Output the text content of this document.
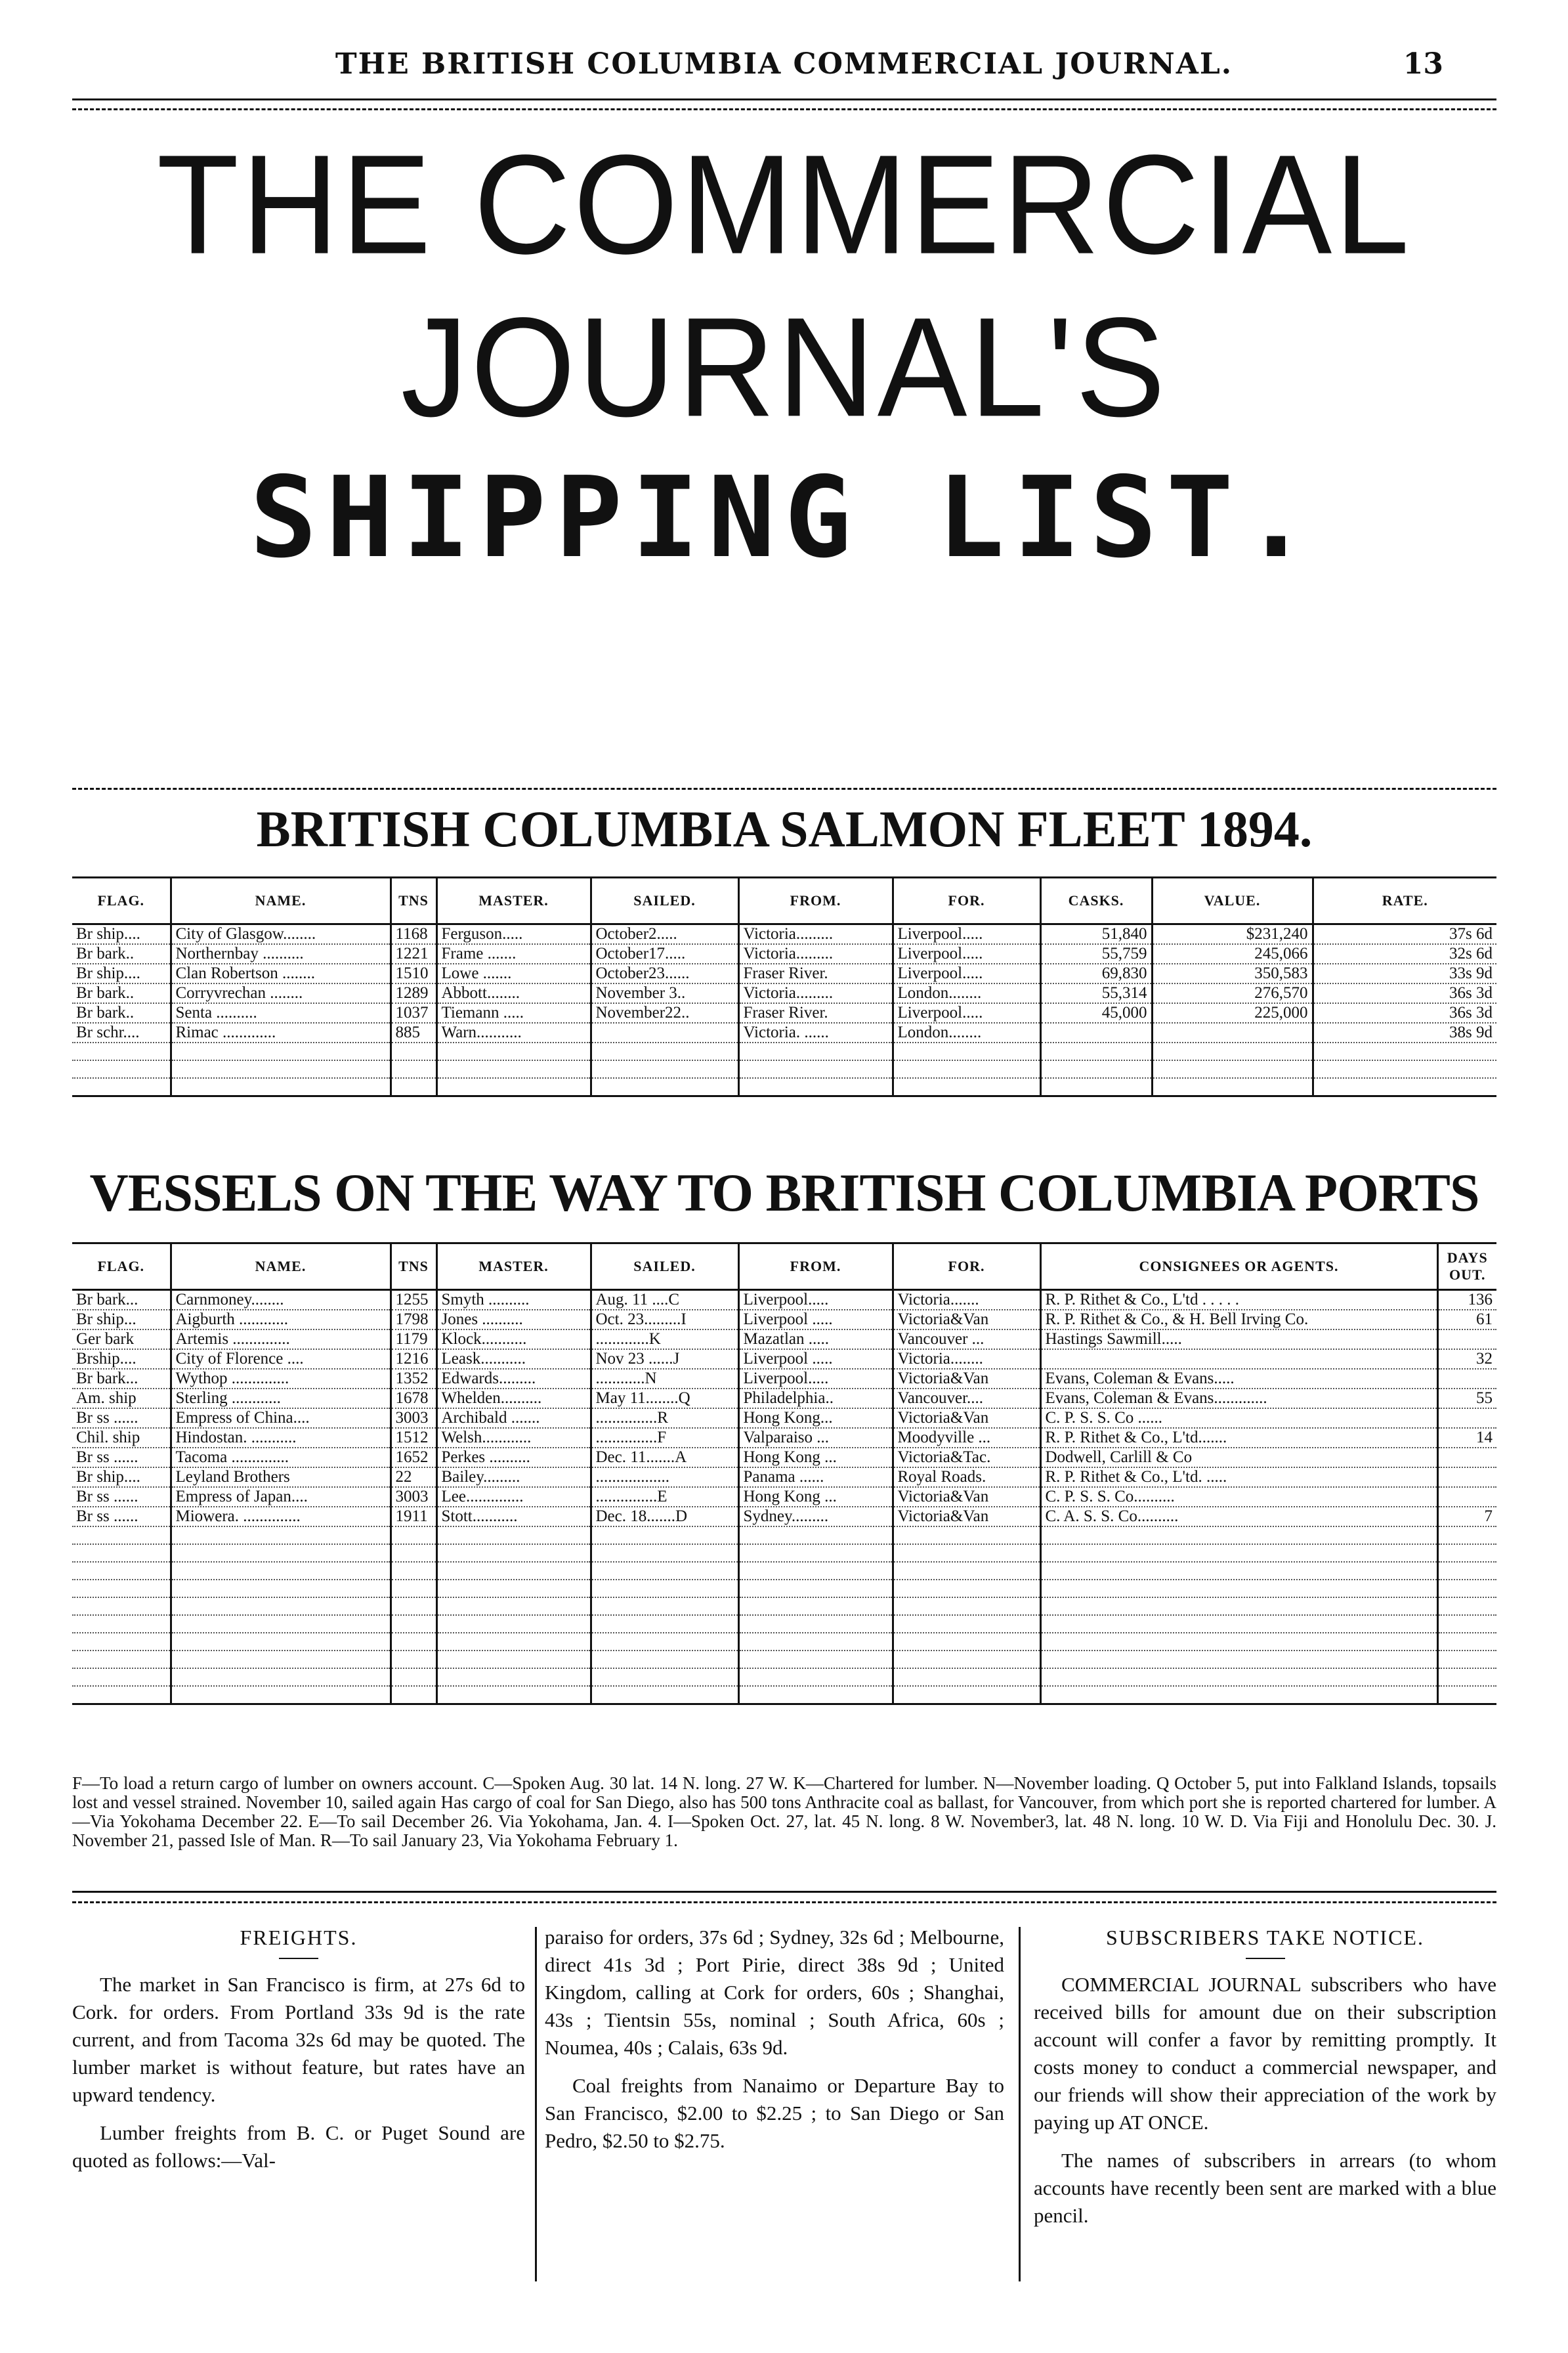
THE BRITISH COLUMBIA COMMERCIAL JOURNAL.	13
THE COMMERCIAL JOURNAL'S
SHIPPING LIST.
BRITISH COLUMBIA SALMON FLEET 1894.
FLAG.	NAME.	TNS	MASTER.	SAILED.	FROM.	FOR.	CASKS.	VALUE.	RATE.
Br ship....	City of Glasgow........	1168	Ferguson.....	October2.....	Victoria.........	Liverpool.....	51,840	$231,240	37s 6d
Br bark..	Northernbay ..........	1221	Frame .......	October17.....	Victoria.........	Liverpool.....	55,759	245,066	32s 6d
Br ship....	Clan Robertson ........	1510	Lowe .......	October23......	Fraser River.	Liverpool.....	69,830	350,583	33s 9d
Br bark..	Corryvrechan ........	1289	Abbott........	November 3..	Victoria.........	London........	55,314	276,570	36s 3d
Br bark..	Senta ..........	1037	Tiemann .....	November22..	Fraser River.	Liverpool.....	45,000	225,000	36s 3d
Br schr....	Rimac .............	885	Warn...........		Victoria. ......	London........			38s 9d

VESSELS ON THE WAY TO BRITISH COLUMBIA PORTS
FLAG.	NAME.	TNS	MASTER.	SAILED.	FROM.	FOR.	CONSIGNEES OR AGENTS.	DAYS OUT.
Br bark...	Carnmoney........	1255	Smyth ..........	Aug. 11 ....C	Liverpool.....	Victoria.......	R. P. Rithet & Co., L'td . . . . .	136
Br ship...	Aigburth ............	1798	Jones ..........	Oct. 23.........I	Liverpool .....	Victoria&Van	R. P. Rithet & Co., & H. Bell Irving Co.	61
Ger bark	Artemis ..............	1179	Klock...........	.............K	Mazatlan .....	Vancouver ...	Hastings Sawmill.....	
Brship....	City of Florence ....	1216	Leask...........	Nov 23 ......J	Liverpool .....	Victoria........		32
Br bark...	Wythop ..............	1352	Edwards.........	............N	Liverpool.....	Victoria&Van	Evans, Coleman & Evans.....	
Am. ship	Sterling ............	1678	Whelden..........	May 11........Q	Philadelphia..	Vancouver....	Evans, Coleman & Evans.............	55
Br ss ......	Empress of China....	3003	Archibald .......	...............R	Hong Kong...	Victoria&Van	C. P. S. S. Co ......	
Chil. ship	Hindostan. ...........	1512	Welsh............	...............F	Valparaiso ...	Moodyville ...	R. P. Rithet & Co., L'td.......	14
Br ss ......	Tacoma ..............	1652	Perkes ..........	Dec. 11.......A	Hong Kong ...	Victoria&Tac.	Dodwell, Carlill & Co	
Br ship....	Leyland Brothers	22	Bailey.........	..................	Panama ......	Royal Roads.	R. P. Rithet & Co., L'td. .....	
Br ss ......	Empress of Japan....	3003	Lee..............	...............E	Hong Kong ...	Victoria&Van	C. P. S. S. Co..........	
Br ss ......	Miowera. ..............	1911	Stott...........	Dec. 18.......D	Sydney.........	Victoria&Van	C. A. S. S. Co..........	7

F—To load a return cargo of lumber on owners account. C—Spoken Aug. 30 lat. 14 N. long. 27 W. K—Chartered for lumber. N—November loading. Q October 5, put into Falkland Islands, topsails lost and vessel strained. November 10, sailed again Has cargo of coal for San Diego, also has 500 tons Anthracite coal as ballast, for Vancouver, from which port she is reported chartered for lumber. A—Via Yokohama December 22. E—To sail December 26. Via Yokohama, Jan. 4. I—Spoken Oct. 27, lat. 45 N. long. 8 W. November3, lat. 48 N. long. 10 W. D. Via Fiji and Honolulu Dec. 30. J. November 21, passed Isle of Man. R—To sail January 23, Via Yokohama February 1.
FREIGHTS.

The market in San Francisco is firm, at 27s 6d to Cork. for orders. From Portland 33s 9d is the rate current, and from Tacoma 32s 6d may be quoted. The lumber market is without feature, but rates have an upward tendency.

Lumber freights from B. C. or Puget Sound are quoted as follows:—Val-

paraiso for orders, 37s 6d ; Sydney, 32s 6d ; Melbourne, direct 41s 3d ; Port Pirie, direct 38s 9d ; United Kingdom, calling at Cork for orders, 60s ; Shanghai, 43s ; Tientsin 55s, nominal ; South Africa, 60s ; Noumea, 40s ; Calais, 63s 9d.

Coal freights from Nanaimo or Departure Bay to San Francisco, $2.00 to $2.25 ; to San Diego or San Pedro, $2.50 to $2.75.

SUBSCRIBERS TAKE NOTICE.

COMMERCIAL JOURNAL subscribers who have received bills for amount due on their subscription account will confer a favor by remitting promptly. It costs money to conduct a commercial newspaper, and our friends will show their appreciation of the work by paying up AT ONCE.

The names of subscribers in arrears (to whom accounts have recently been sent are marked with a blue pencil.
